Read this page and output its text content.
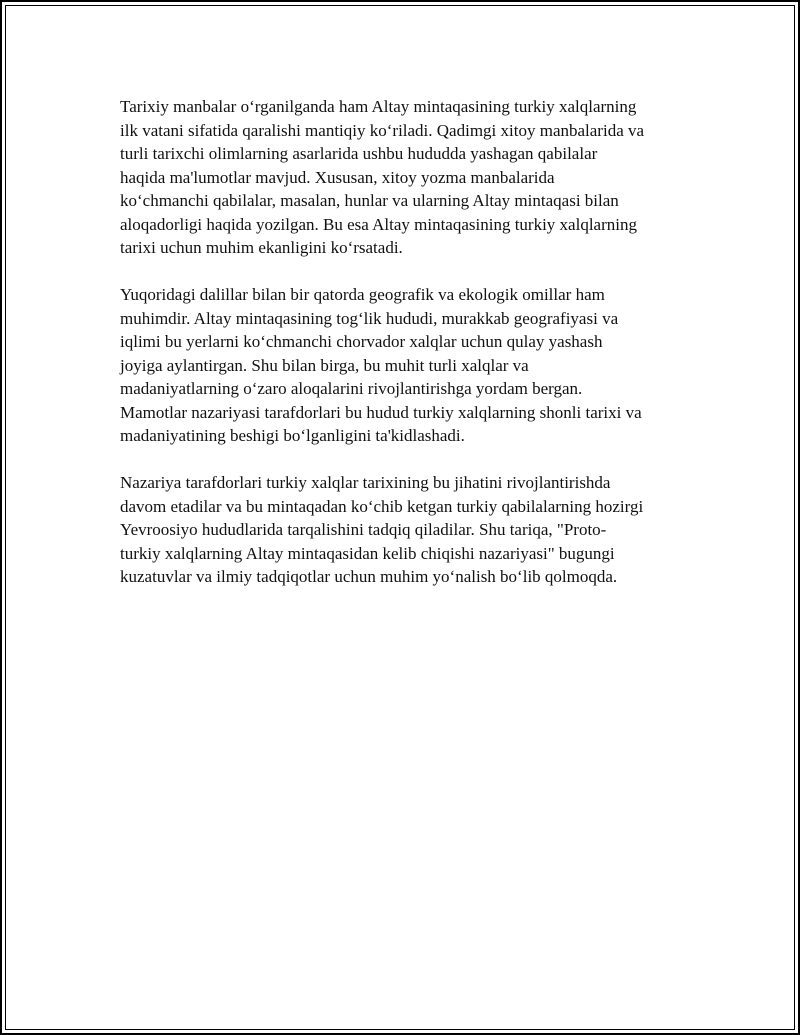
Tarixiy manbalar o‘rganilganda ham Altay mintaqasining turkiy xalqlarning
ilk vatani sifatida qaralishi mantiqiy ko‘riladi. Qadimgi xitoy manbalarida va
turli tarixchi olimlarning asarlarida ushbu hududda yashagan qabilalar
haqida ma'lumotlar mavjud. Xususan, xitoy yozma manbalarida
ko‘chmanchi qabilalar, masalan, hunlar va ularning Altay mintaqasi bilan
aloqadorligi haqida yozilgan. Bu esa Altay mintaqasining turkiy xalqlarning
tarixi uchun muhim ekanligini ko‘rsatadi.

Yuqoridagi dalillar bilan bir qatorda geografik va ekologik omillar ham
muhimdir. Altay mintaqasining tog‘lik hududi, murakkab geografiyasi va
iqlimi bu yerlarni ko‘chmanchi chorvador xalqlar uchun qulay yashash
joyiga aylantirgan. Shu bilan birga, bu muhit turli xalqlar va
madaniyatlarning o‘zaro aloqalarini rivojlantirishga yordam bergan.
Mamotlar nazariyasi tarafdorlari bu hudud turkiy xalqlarning shonli tarixi va
madaniyatining beshigi bo‘lganligini ta'kidlashadi.

Nazariya tarafdorlari turkiy xalqlar tarixining bu jihatini rivojlantirishda
davom etadilar va bu mintaqadan ko‘chib ketgan turkiy qabilalarning hozirgi
Yevroosiyo hududlarida tarqalishini tadqiq qiladilar. Shu tariqa, "Proto-
turkiy xalqlarning Altay mintaqasidan kelib chiqishi nazariyasi" bugungi
kuzatuvlar va ilmiy tadqiqotlar uchun muhim yo‘nalish bo‘lib qolmoqda.
